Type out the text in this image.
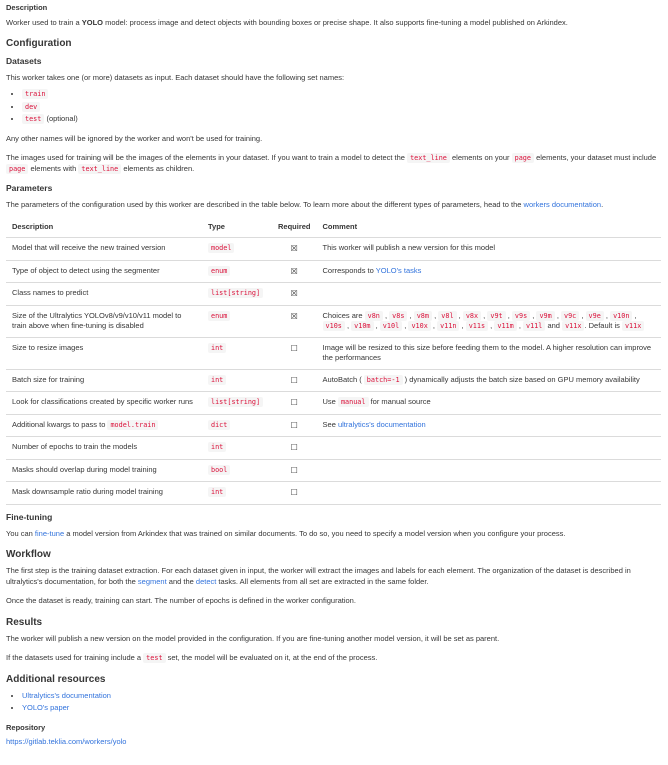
Description

Worker used to train a YOLO model: process image and detect objects with bounding boxes or precise shape. It also supports fine-tuning a model published on Arkindex.

Configuration
Datasets

This worker takes one (or more) datasets as input. Each dataset should have the following set names:

• train
• dev
• test (optional)

Any other names will be ignored by the worker and won't be used for training.

The images used for training will be the images of the elements in your dataset. If you want to train a model to detect the text_line elements on your page elements, your dataset must include page elements with text_line elements as children.

Parameters

The parameters of the configuration used by this worker are described in the table below. To learn more about the different types of parameters, head to the workers documentation.

Description	Type	Required	Comment
Model that will receive the new trained version	model	☒	This worker will publish a new version for this model
Type of object to detect using the segmenter	enum	☒	Corresponds to YOLO's tasks
Class names to predict	list[string]	☒	
Size of the Ultralytics YOLOv8/v9/v10/v11 model to train above when fine-tuning is disabled	enum	☒	Choices are v8n , v8s , v8m , v8l , v8x , v9t , v9s , v9m , v9c , v9e , v10n , v10s , v10m , v10l , v10x , v11n , v11s , v11m , v11l and v11x . Default is v11x
Size to resize images	int	☐	Image will be resized to this size before feeding them to the model. A higher resolution can improve the performances
Batch size for training	int	☐	AutoBatch ( batch=-1 ) dynamically adjusts the batch size based on GPU memory availability
Look for classifications created by specific worker runs	list[string]	☐	Use manual for manual source
Additional kwargs to pass to model.train	dict	☐	See ultralytics's documentation
Number of epochs to train the models	int	☐	
Masks should overlap during model training	bool	☐	
Mask downsample ratio during model training	int	☐	
Fine-tuning

You can fine-tune a model version from Arkindex that was trained on similar documents. To do so, you need to specify a model version when you configure your process.

Workflow

The first step is the training dataset extraction. For each dataset given in input, the worker will extract the images and labels for each element. The organization of the dataset is described in ultralytics's documentation, for both the segment and the detect tasks. All elements from all set are extracted in the same folder.

Once the dataset is ready, training can start. The number of epochs is defined in the worker configuration.

Results

The worker will publish a new version on the model provided in the configuration. If you are fine-tuning another model version, it will be set as parent.

If the datasets used for training include a test set, the model will be evaluated on it, at the end of the process.

Additional resources
• Ultralytics's documentation
• YOLO's paper
Repository

https://gitlab.teklia.com/workers/yolo
